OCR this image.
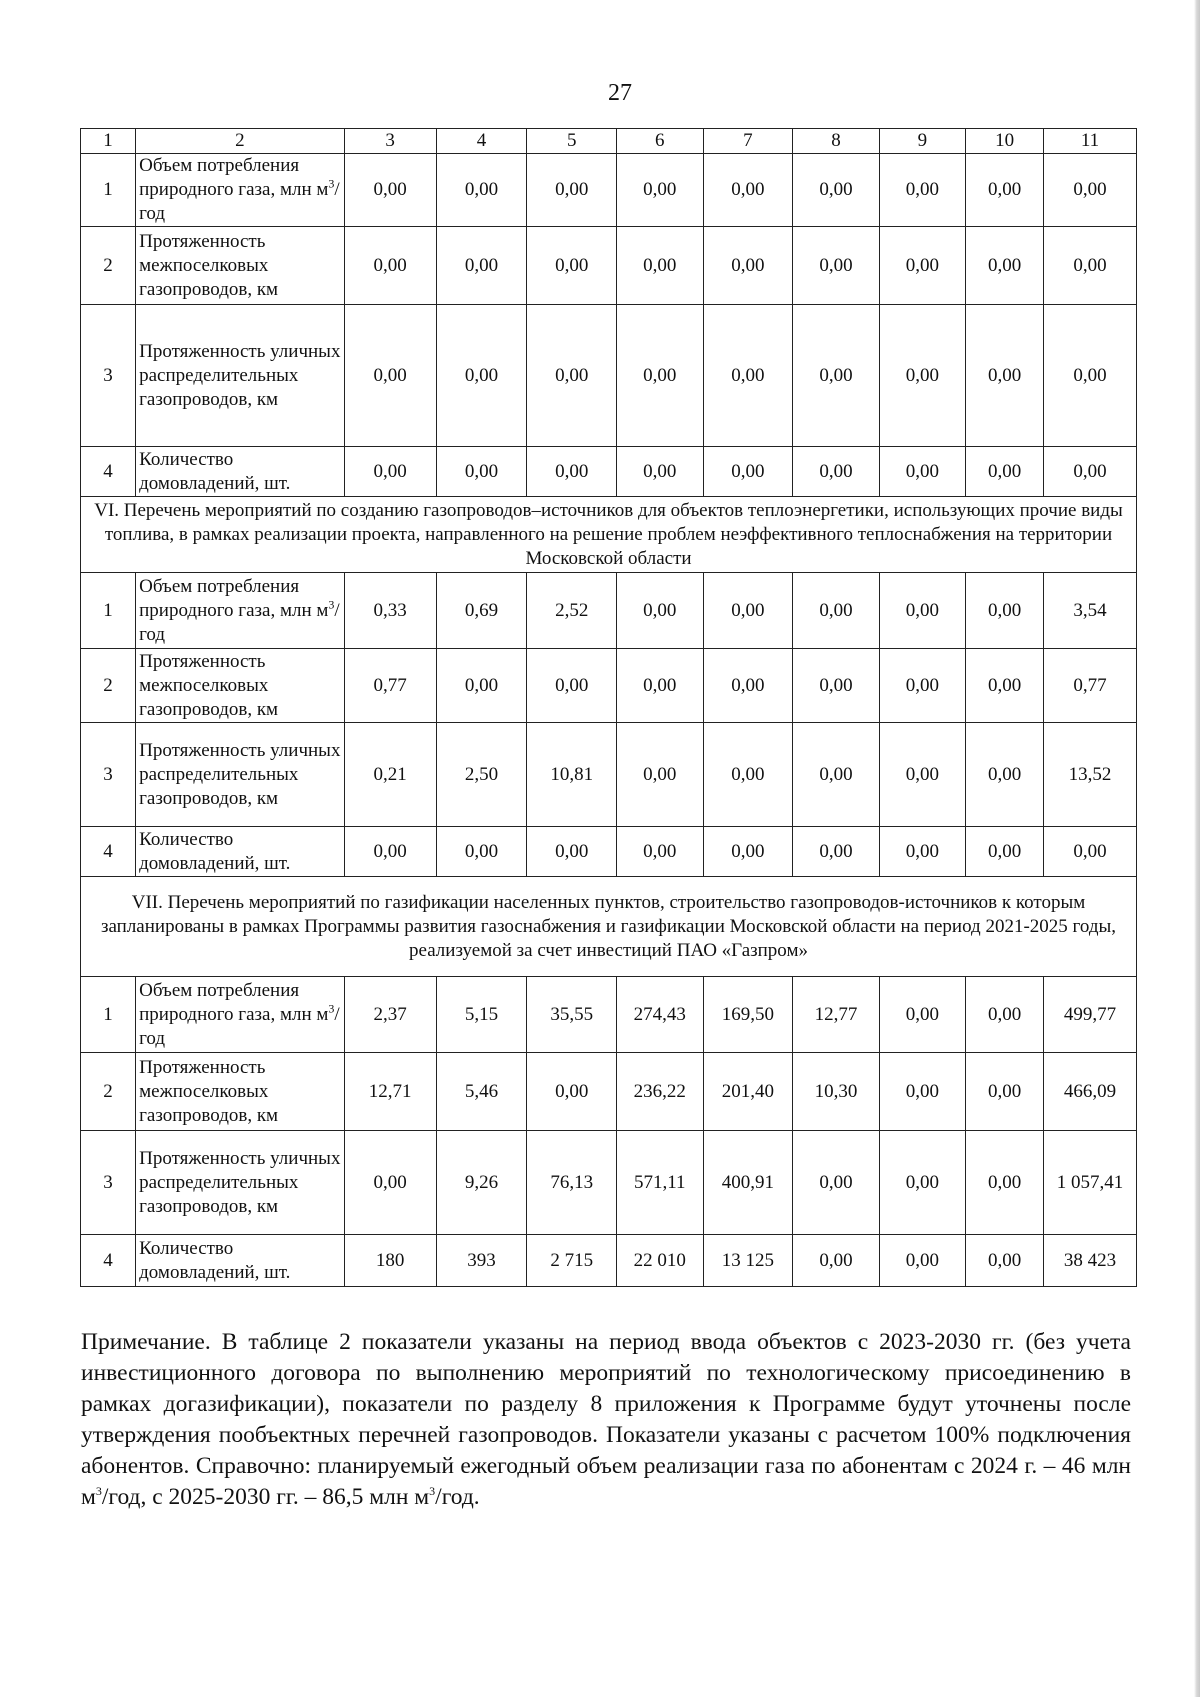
27
1	2	3	4	5	6	7	8	9	10	11
1	Объем потребления природного газа, млн $м^3$/год	0,00	0,00	0,00	0,00	0,00	0,00	0,00	0,00	0,00
2	Протяженность межпоселковых газопроводов, км	0,00	0,00	0,00	0,00	0,00	0,00	0,00	0,00	0,00
3	Протяженность уличных распределительных газопроводов, км	0,00	0,00	0,00	0,00	0,00	0,00	0,00	0,00	0,00
4	Количество домовладений, шт.	0,00	0,00	0,00	0,00	0,00	0,00	0,00	0,00	0,00
VI. Перечень мероприятий по созданию газопроводов–источников для объектов теплоэнергетики, использующих прочие виды топлива, в рамках реализации проекта, направленного на решение проблем неэффективного теплоснабжения на территории Московской области										
1	Объем потребления природного газа, млн $м^3$/год	0,33	0,69	2,52	0,00	0,00	0,00	0,00	0,00	3,54
2	Протяженность межпоселковых газопроводов, км	0,77	0,00	0,00	0,00	0,00	0,00	0,00	0,00	0,77
3	Протяженность уличных распределительных газопроводов, км	0,21	2,50	10,81	0,00	0,00	0,00	0,00	0,00	13,52
4	Количество домовладений, шт.	0,00	0,00	0,00	0,00	0,00	0,00	0,00	0,00	0,00
VII. Перечень мероприятий по газификации населенных пунктов, строительство газопроводов-источников к которым запланированы в рамках Программы развития газоснабжения и газификации Московской области на период 2021-2025 годы, реализуемой за счет инвестиций ПАО «Газпром»										
1	Объем потребления природного газа, млн $м^3$/год	2,37	5,15	35,55	274,43	169,50	12,77	0,00	0,00	499,77
2	Протяженность межпоселковых газопроводов, км	12,71	5,46	0,00	236,22	201,40	10,30	0,00	0,00	466,09
3	Протяженность уличных распределительных газопроводов, км	0,00	9,26	76,13	571,11	400,91	0,00	0,00	0,00	1 057,41
4	Количество домовладений, шт.	180	393	2 715	22 010	13 125	0,00	0,00	0,00	38 423
Примечание. В таблице 2 показатели указаны на период ввода объектов с 2023-2030 гг. (без учета инвестиционного договора по выполнению мероприятий по технологическому присоединению в рамках догазификации), показатели по разделу 8 приложения к Программе будут уточнены после утверждения пообъектных перечней газопроводов. Показатели указаны с расчетом 100% подключения абонентов. Справочно: планируемый ежегодный объем реализации газа по абонентам с 2024 г. – 46 млн $м^3$/год, с 2025-2030 гг. – 86,5 млн $м^3$/год.
